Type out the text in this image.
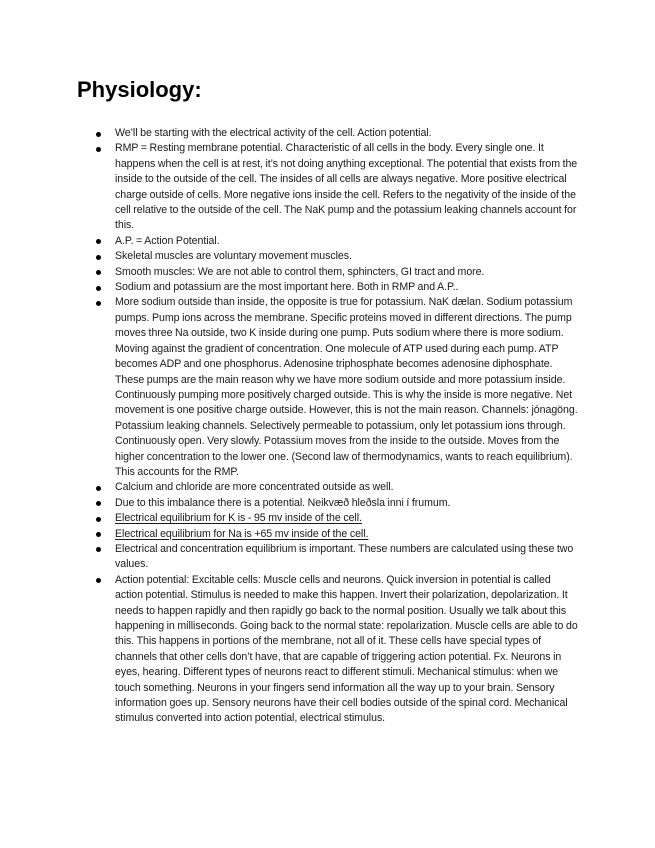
Physiology:
We’ll be starting with the electrical activity of the cell. Action potential.
RMP = Resting membrane potential. Characteristic of all cells in the body. Every single one. It happens when the cell is at rest, it’s not doing anything exceptional. The potential that exists from the inside to the outside of the cell. The insides of all cells are always negative. More positive electrical charge outside of cells. More negative ions inside the cell. Refers to the negativity of the inside of the cell relative to the outside of the cell. The NaK pump and the potassium leaking channels account for this.
A.P. = Action Potential.
Skeletal muscles are voluntary movement muscles.
Smooth muscles: We are not able to control them, sphincters, GI tract and more.
Sodium and potassium are the most important here. Both in RMP and A.P..
More sodium outside than inside, the opposite is true for potassium. NaK dælan. Sodium potassium pumps. Pump ions across the membrane. Specific proteins moved in different directions. The pump moves three Na outside, two K inside during one pump. Puts sodium where there is more sodium. Moving against the gradient of concentration. One molecule of ATP used during each pump. ATP becomes ADP and one phosphorus. Adenosine triphosphate becomes adenosine diphosphate. These pumps are the main reason why we have more sodium outside and more potassium inside. Continuously pumping more positively charged outside. This is why the inside is more negative. Net movement is one positive charge outside. However, this is not the main reason. Channels: jónagöng. Potassium leaking channels. Selectively permeable to potassium, only let potassium ions through. Continuously open. Very slowly. Potassium moves from the inside to the outside. Moves from the higher concentration to the lower one. (Second law of thermodynamics, wants to reach equilibrium). This accounts for the RMP.
Calcium and chloride are more concentrated outside as well.
Due to this imbalance there is a potential. Neikvæð hleðsla inni í frumum.
Electrical equilibrium for K is - 95 mv inside of the cell.
Electrical equilibrium for Na is +65 mv inside of the cell.
Electrical and concentration equilibrium is important. These numbers are calculated using these two values.
Action potential: Excitable cells: Muscle cells and neurons. Quick inversion in potential is called action potential. Stimulus is needed to make this happen. Invert their polarization, depolarization. It needs to happen rapidly and then rapidly go back to the normal position. Usually we talk about this happening in milliseconds. Going back to the normal state: repolarization. Muscle cells are able to do this. This happens in portions of the membrane, not all of it. These cells have special types of channels that other cells don’t have, that are capable of triggering action potential. Fx. Neurons in eyes, hearing. Different types of neurons react to different stimuli. Mechanical stimulus: when we touch something. Neurons in your fingers send information all the way up to your brain. Sensory information goes up. Sensory neurons have their cell bodies outside of the spinal cord. Mechanical stimulus converted into action potential, electrical stimulus.
